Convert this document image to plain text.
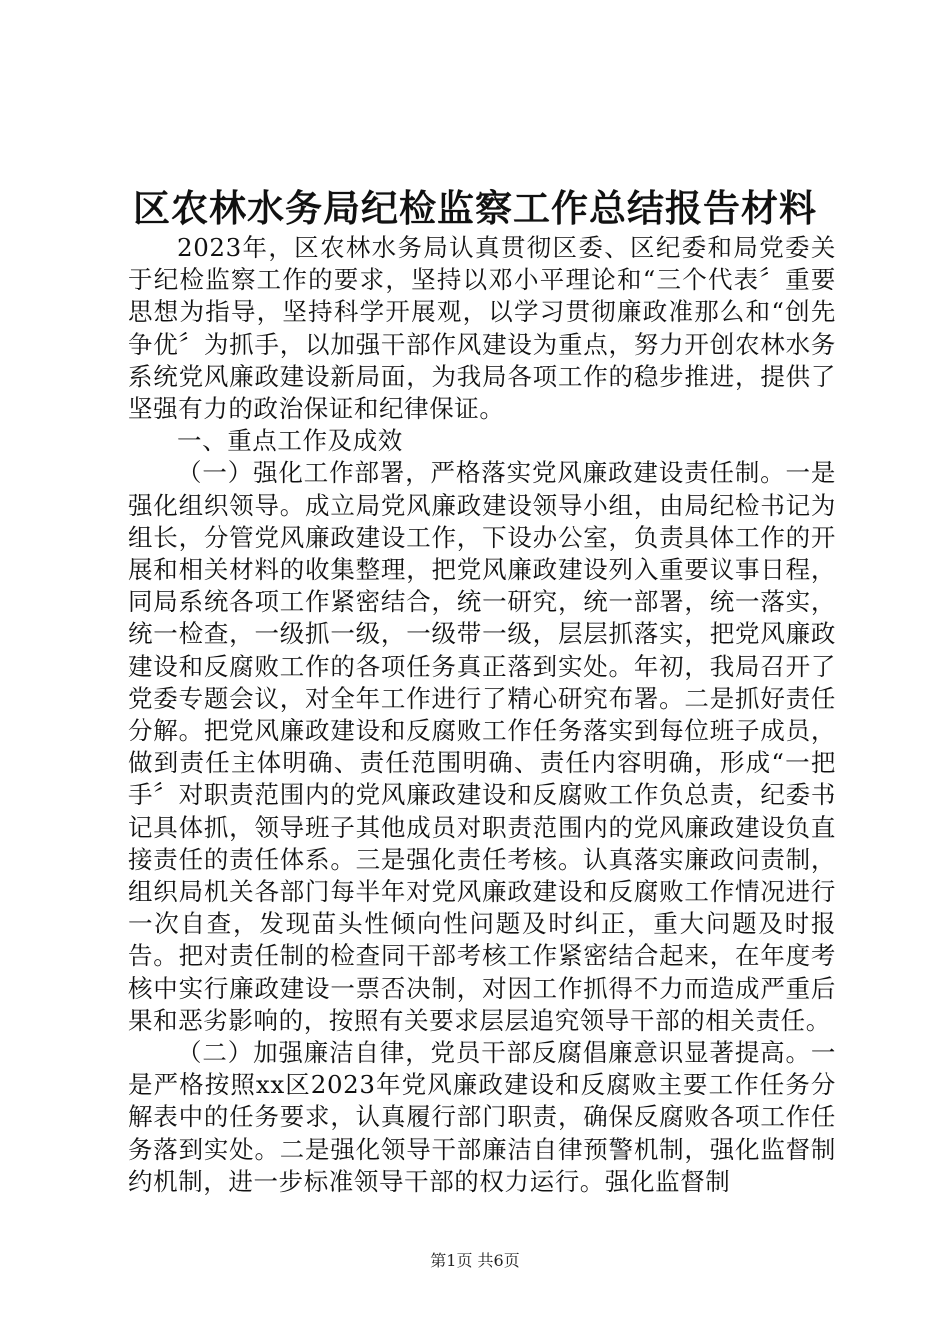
区农林水务局纪检监察工作总结报告材料

2023年，区农林水务局认真贯彻区委、区纪委和局党委关于纪检监察工作的要求，坚持以邓小平理论和“三个代表〞重要思想为指导，坚持科学开展观，以学习贯彻廉政准那么和“创先争优〞为抓手，以加强干部作风建设为重点，努力开创农林水务系统党风廉政建设新局面，为我局各项工作的稳步推进，提供了坚强有力的政治保证和纪律保证。

一、重点工作及成效

（一）强化工作部署，严格落实党风廉政建设责任制。一是强化组织领导。成立局党风廉政建设领导小组，由局纪检书记为组长，分管党风廉政建设工作，下设办公室，负责具体工作的开展和相关材料的收集整理，把党风廉政建设列入重要议事日程，同局系统各项工作紧密结合，统一研究，统一部署，统一落实，统一检查，一级抓一级，一级带一级，层层抓落实，把党风廉政建设和反腐败工作的各项任务真正落到实处。年初，我局召开了党委专题会议，对全年工作进行了精心研究布署。二是抓好责任分解。把党风廉政建设和反腐败工作任务落实到每位班子成员，做到责任主体明确、责任范围明确、责任内容明确，形成“一把手〞对职责范围内的党风廉政建设和反腐败工作负总责，纪委书记具体抓，领导班子其他成员对职责范围内的党风廉政建设负直接责任的责任体系。三是强化责任考核。认真落实廉政问责制，组织局机关各部门每半年对党风廉政建设和反腐败工作情况进行一次自查，发现苗头性倾向性问题及时纠正，重大问题及时报告。把对责任制的检查同干部考核工作紧密结合起来，在年度考核中实行廉政建设一票否决制，对因工作抓得不力而造成严重后果和恶劣影响的，按照有关要求层层追究领导干部的相关责任。

（二）加强廉洁自律，党员干部反腐倡廉意识显著提高。一是严格按照xx区2023年党风廉政建设和反腐败主要工作任务分解表中的任务要求，认真履行部门职责，确保反腐败各项工作任务落到实处。二是强化领导干部廉洁自律预警机制，强化监督制约机制，进一步标准领导干部的权力运行。强化监督制

第1页 共6页
